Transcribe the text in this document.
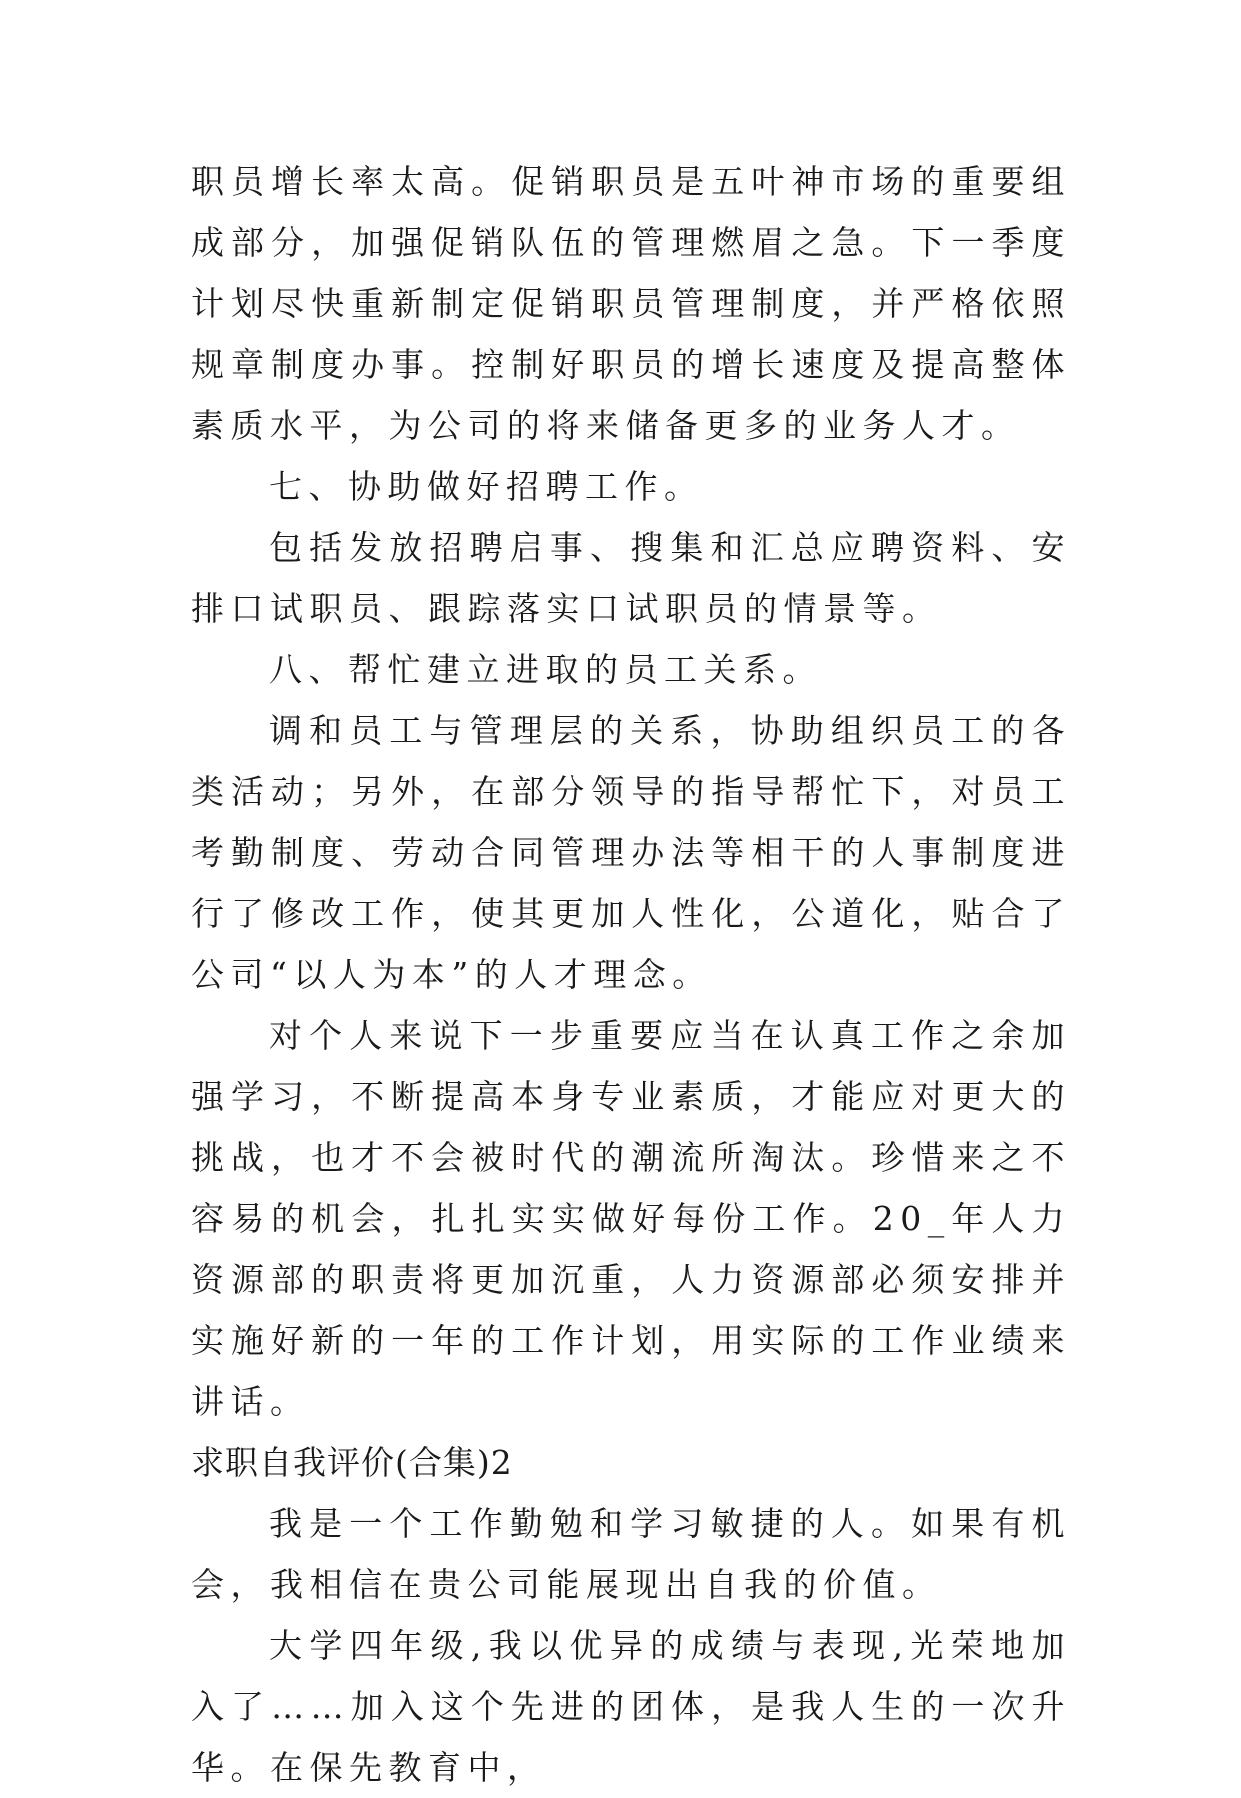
职员增长率太高。促销职员是五叶神市场的重要组成部分，加强促销队伍的管理燃眉之急。下一季度计划尽快重新制定促销职员管理制度，并严格依照规章制度办事。控制好职员的增长速度及提高整体素质水平，为公司的将来储备更多的业务人才。

七、协助做好招聘工作。

包括发放招聘启事、搜集和汇总应聘资料、安排口试职员、跟踪落实口试职员的情景等。

八、帮忙建立进取的员工关系。

调和员工与管理层的关系，协助组织员工的各类活动；另外，在部分领导的指导帮忙下，对员工考勤制度、劳动合同管理办法等相干的人事制度进行了修改工作，使其更加人性化，公道化，贴合了公司“以人为本”的人才理念。

对个人来说下一步重要应当在认真工作之余加强学习，不断提高本身专业素质，才能应对更大的挑战，也才不会被时代的潮流所淘汰。珍惜来之不容易的机会，扎扎实实做好每份工作。20_年人力资源部的职责将更加沉重，人力资源部必须安排并实施好新的一年的工作计划，用实际的工作业绩来讲话。

求职自我评价(合集)2

我是一个工作勤勉和学习敏捷的人。如果有机会，我相信在贵公司能展现出自我的价值。

大学四年级,我以优异的成绩与表现,光荣地加入了……加入这个先进的团体，是我人生的一次升华。在保先教育中，
